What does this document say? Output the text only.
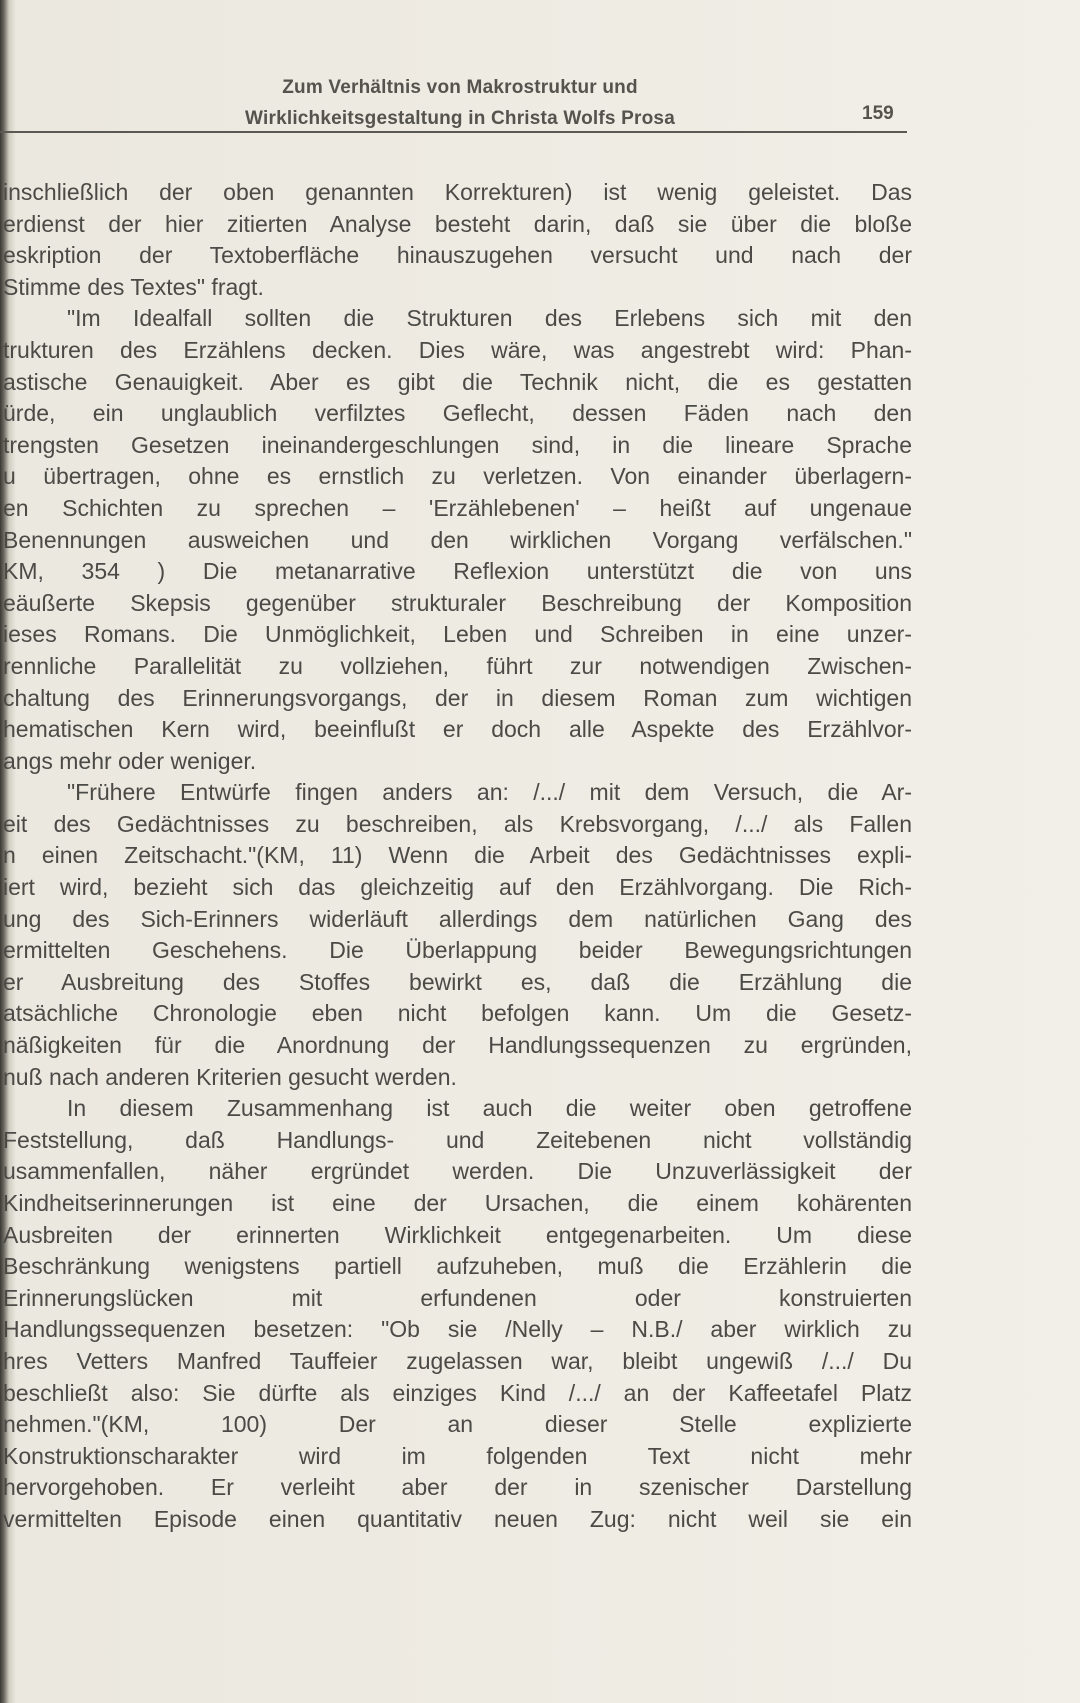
Zum Verhältnis von Makrostruktur und
Wirklichkeitsgestaltung in Christa Wolfs Prosa	159
inschließlich der oben genannten Korrekturen) ist wenig geleistet. Das
erdienst der hier zitierten Analyse besteht darin, daß sie über die bloße
eskription der Textoberfläche hinauszugehen versucht und nach der
Stimme des Textes" fragt.
"Im Idealfall sollten die Strukturen des Erlebens sich mit den
trukturen des Erzählens decken. Dies wäre, was angestrebt wird: Phan-
astische Genauigkeit. Aber es gibt die Technik nicht, die es gestatten
ürde, ein unglaublich verfilztes Geflecht, dessen Fäden nach den
trengsten Gesetzen ineinandergeschlungen sind, in die lineare Sprache
u übertragen, ohne es ernstlich zu verletzen. Von einander überlagern-
en Schichten zu sprechen – 'Erzählebenen' – heißt auf ungenaue
Benennungen ausweichen und den wirklichen Vorgang verfälschen."
KM, 354 ) Die metanarrative Reflexion unterstützt die von uns
eäußerte Skepsis gegenüber strukturaler Beschreibung der Komposition
ieses Romans. Die Unmöglichkeit, Leben und Schreiben in eine unzer-
rennliche Parallelität zu vollziehen, führt zur notwendigen Zwischen-
chaltung des Erinnerungsvorgangs, der in diesem Roman zum wichtigen
hematischen Kern wird, beeinflußt er doch alle Aspekte des Erzählvor-
angs mehr oder weniger.
"Frühere Entwürfe fingen anders an: /.../ mit dem Versuch, die Ar-
eit des Gedächtnisses zu beschreiben, als Krebsvorgang, /.../ als Fallen
n einen Zeitschacht."(KM, 11) Wenn die Arbeit des Gedächtnisses expli-
iert wird, bezieht sich das gleichzeitig auf den Erzählvorgang. Die Rich-
ung des Sich-Erinners widerläuft allerdings dem natürlichen Gang des
ermittelten Geschehens. Die Überlappung beider Bewegungsrichtungen
er Ausbreitung des Stoffes bewirkt es, daß die Erzählung die
atsächliche Chronologie eben nicht befolgen kann. Um die Gesetz-
näßigkeiten für die Anordnung der Handlungssequenzen zu ergründen,
nuß nach anderen Kriterien gesucht werden.
In diesem Zusammenhang ist auch die weiter oben getroffene
Feststellung, daß Handlungs- und Zeitebenen nicht vollständig
usammenfallen, näher ergründet werden. Die Unzuverlässigkeit der
Kindheitserinnerungen ist eine der Ursachen, die einem kohärenten
Ausbreiten der erinnerten Wirklichkeit entgegenarbeiten. Um diese
Beschränkung wenigstens partiell aufzuheben, muß die Erzählerin die
Erinnerungslücken mit erfundenen oder konstruierten
Handlungssequenzen besetzen: "Ob sie /Nelly – N.B./ aber wirklich zu
hres Vetters Manfred Tauffeier zugelassen war, bleibt ungewiß /.../ Du
beschließt also: Sie dürfte als einziges Kind /.../ an der Kaffeetafel Platz
nehmen."(KM, 100) Der an dieser Stelle explizierte
Konstruktionscharakter wird im folgenden Text nicht mehr
hervorgehoben. Er verleiht aber der in szenischer Darstellung
vermittelten Episode einen quantitativ neuen Zug: nicht weil sie ein
